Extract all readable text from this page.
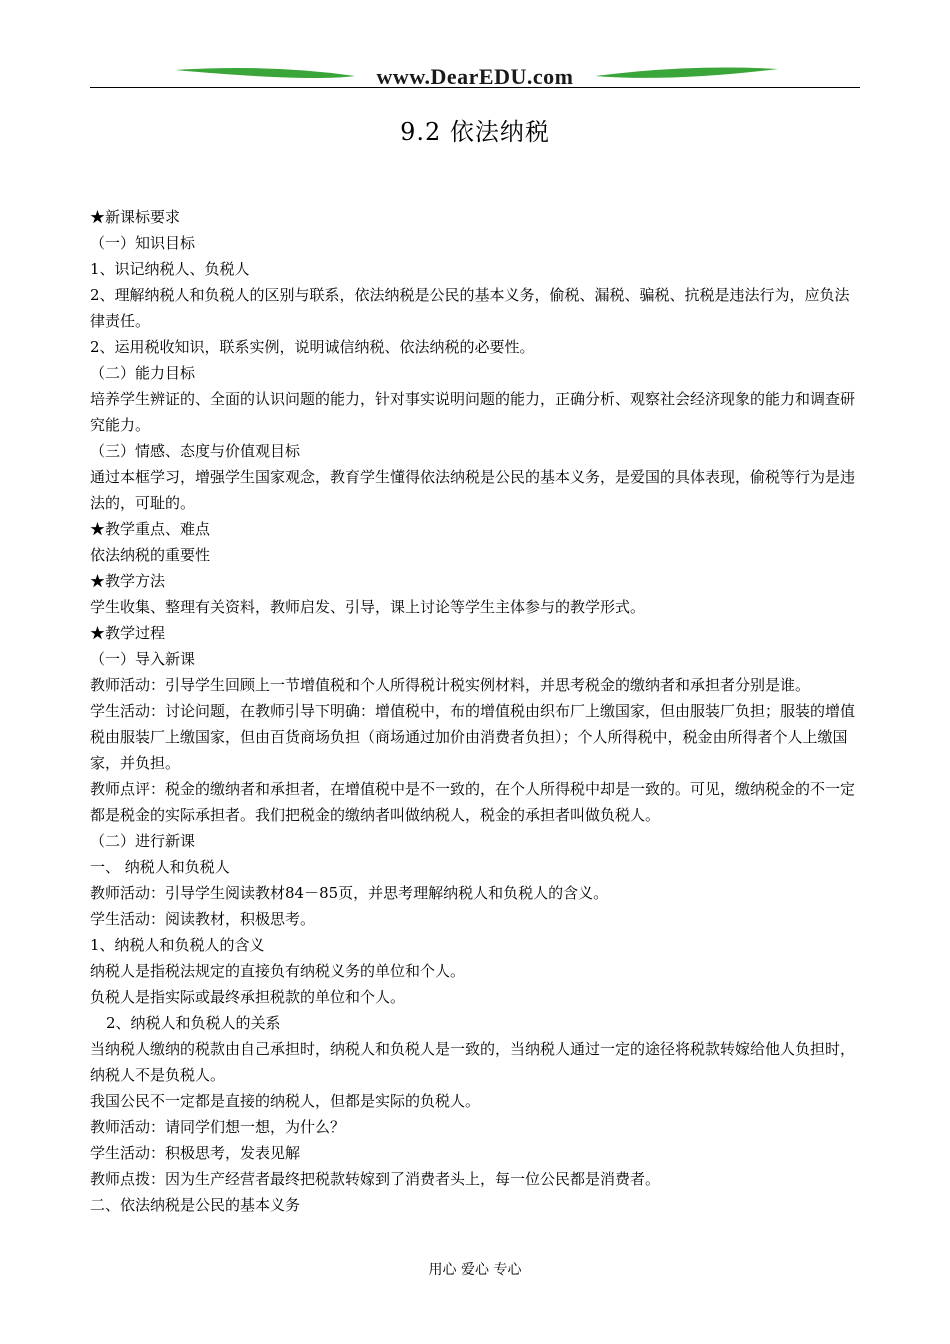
www.DearEDU.com
9.2 依法纳税

★新课标要求

（一）知识目标

1、识记纳税人、负税人

2、理解纳税人和负税人的区别与联系，依法纳税是公民的基本义务，偷税、漏税、骗税、抗税是违法行为，应负法律责任。

2、运用税收知识，联系实例，说明诚信纳税、依法纳税的必要性。

（二）能力目标

培养学生辨证的、全面的认识问题的能力，针对事实说明问题的能力，正确分析、观察社会经济现象的能力和调查研究能力。

（三）情感、态度与价值观目标

通过本框学习，增强学生国家观念，教育学生懂得依法纳税是公民的基本义务，是爱国的具体表现，偷税等行为是违法的，可耻的。

★教学重点、难点

依法纳税的重要性

★教学方法

学生收集、整理有关资料，教师启发、引导，课上讨论等学生主体参与的教学形式。

★教学过程

（一）导入新课

教师活动：引导学生回顾上一节增值税和个人所得税计税实例材料，并思考税金的缴纳者和承担者分别是谁。

学生活动：讨论问题，在教师引导下明确：增值税中，布的增值税由织布厂上缴国家，但由服装厂负担；服装的增值税由服装厂上缴国家，但由百货商场负担（商场通过加价由消费者负担）；个人所得税中，税金由所得者个人上缴国家，并负担。

教师点评：税金的缴纳者和承担者，在增值税中是不一致的，在个人所得税中却是一致的。可见，缴纳税金的不一定都是税金的实际承担者。我们把税金的缴纳者叫做纳税人，税金的承担者叫做负税人。

（二）进行新课

一、 纳税人和负税人

教师活动：引导学生阅读教材84－85页，并思考理解纳税人和负税人的含义。

学生活动：阅读教材，积极思考。

1、纳税人和负税人的含义

纳税人是指税法规定的直接负有纳税义务的单位和个人。

负税人是指实际或最终承担税款的单位和个人。

2、纳税人和负税人的关系

当纳税人缴纳的税款由自己承担时，纳税人和负税人是一致的，当纳税人通过一定的途径将税款转嫁给他人负担时，纳税人不是负税人。

我国公民不一定都是直接的纳税人，但都是实际的负税人。

教师活动：请同学们想一想，为什么？

学生活动：积极思考，发表见解

教师点拨：因为生产经营者最终把税款转嫁到了消费者头上，每一位公民都是消费者。

二、依法纳税是公民的基本义务

用心 爱心 专心
